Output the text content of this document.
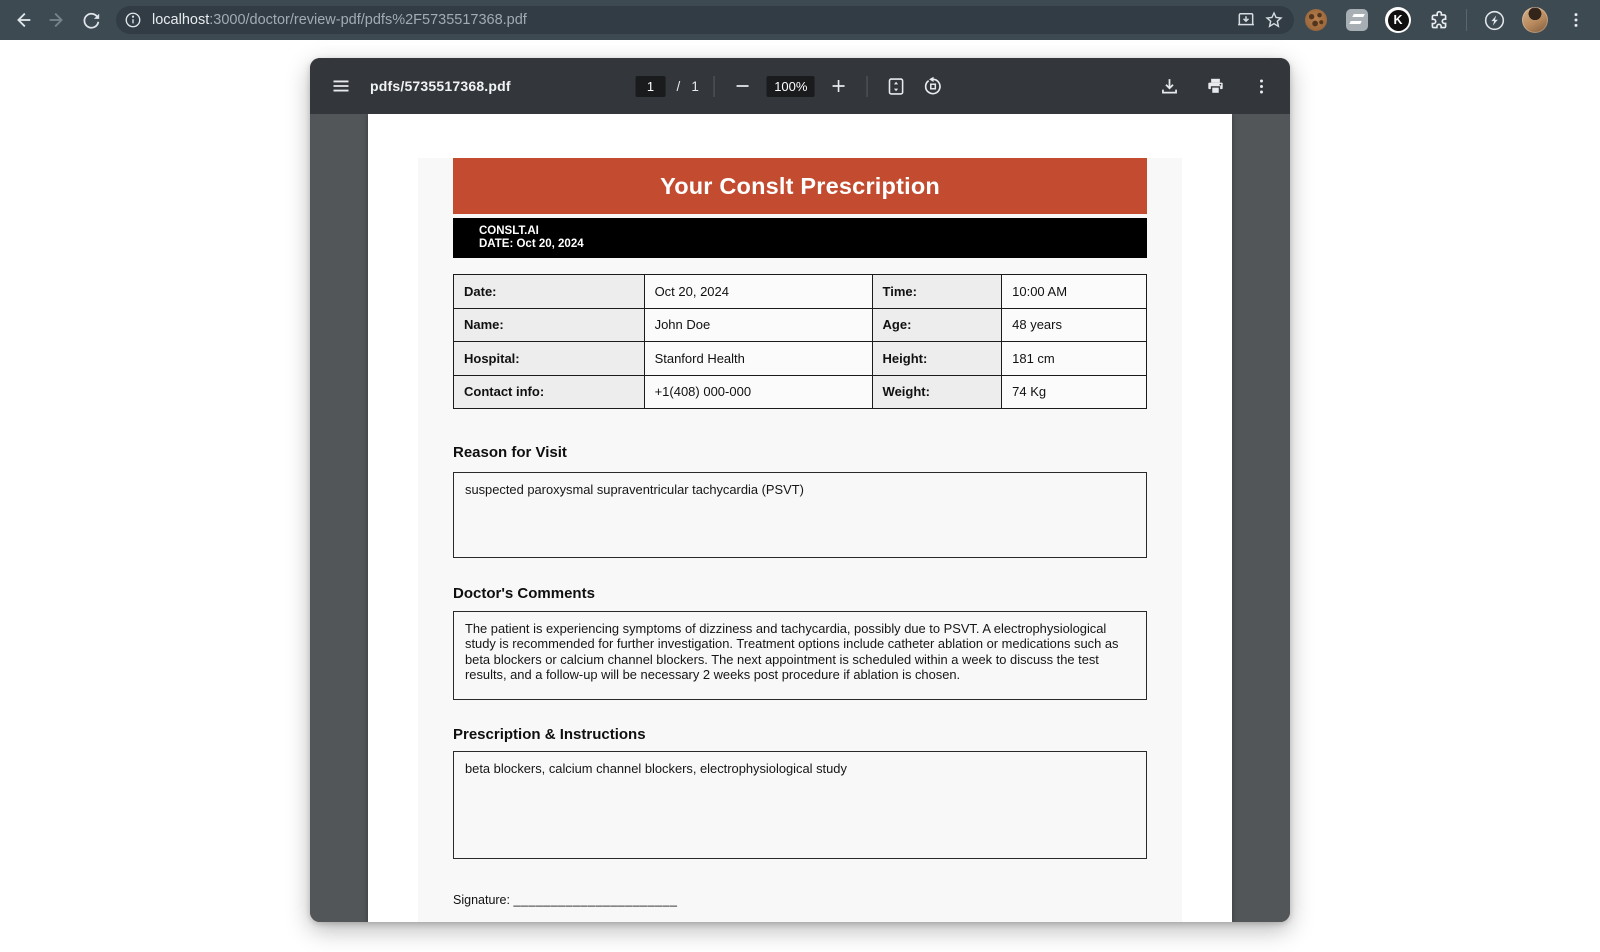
localhost:3000/doctor/review-pdf/pdfs%2F5735517368.pdf	K
pdfs/5735517368.pdf
1	/ 1
100%
Your Conslt Prescription
CONSLT.AI
DATE: Oct 20, 2024
Date:	Oct 20, 2024	Time:	10:00 AM
Name:	John Doe	Age:	48 years
Hospital:	Stanford Health	Height:	181 cm
Contact info:	+1(408) 000-000	Weight:	74 Kg
Reason for Visit
suspected paroxysmal supraventricular tachycardia (PSVT)
Doctor's Comments
The patient is experiencing symptoms of dizziness and tachycardia, possibly due to PSVT. A electrophysiological study is recommended for further investigation. Treatment options include catheter ablation or medications such as beta blockers or calcium channel blockers. The next appointment is scheduled within a week to discuss the test results, and a follow-up will be necessary 2 weeks post procedure if ablation is chosen.
Prescription & Instructions
beta blockers, calcium channel blockers, electrophysiological study
Signature: ______________________
